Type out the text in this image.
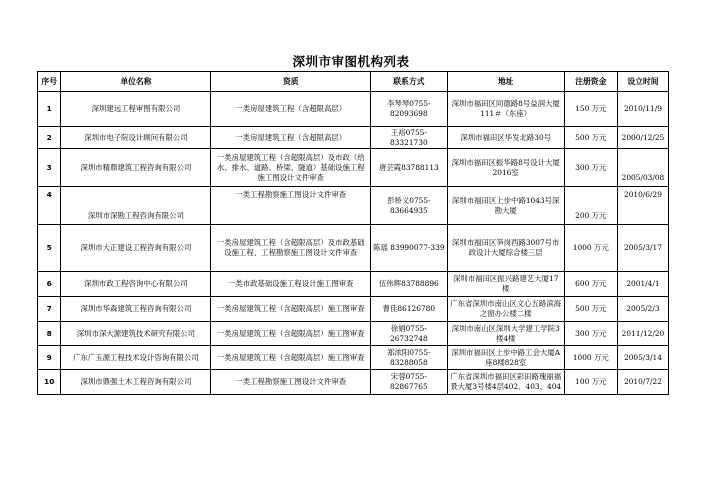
深圳市审图机构列表
序号	单位名称	资质	联系方式	地址	注册资金	设立时间
1	深圳建远工程审图有限公司	一类房屋建筑工程（含超限高层）	李琴琴0755-82093698	深圳市福田区同德路8号益润大厦111＃（东座）	150 万元	2010/11/9
2	深圳市电子院设计顾问有限公司	一类房屋建筑工程（含超限高层）	王裕0755-83321730	深圳市福田区华发北路30号	500 万元	2000/12/25
3	深圳市精鼎建筑工程咨询有限公司	一类房屋建筑工程（含超限高层）及市政（给水、排水、道路、桥梁、隧道）基础设施工程施工图设计文件审查	唐芸霞83788113	深圳市福田区振华路8号设计大厦2016室	300 万元	2005/03/08
4	深圳市深勘工程咨询有限公司	一类工程勘察施工图设计文件审查	彭桥义0755-83664935	深圳市福田区上步中路1043号深勘大厦	200 万元	2010/6/29
5	深圳市大正建设工程咨询有限公司	一类房屋建筑工程（含超限高层）及市政基础设施工程、工程勘察施工图设计文件审查	陈瑶 83990077-339	深圳市福田区笋岗西路3007号市政设计大厦综合楼三层	1000 万元	2005/3/17
6	深圳市政工程咨询中心有限公司	一类市政基础设施工程设计施工图审查	伍伟辉83788896	深圳市福田区振兴路建艺大厦17楼	600 万元	2001/4/1
7	深圳市华森建筑工程咨询有限公司	一类房屋建筑工程（含超限高层）施工图审查	曹佳86126780	广东省深圳市南山区文心五路滨海之窗办公楼二楼	500 万元	2005/2/3
8	深圳市深大源建筑技术研究有限公司	一类房屋建筑工程（含超限高层）施工图审查	徐娟0755-26732748	深圳市南山区深圳大学建工学院3楼4楼	300 万元	2011/12/20
9	广东广玉源工程技术设计咨询有限公司	一类房屋建筑工程（含超限高层）施工图审查	郑浓阳0755-83288058	深圳市福田区上步中路工会大厦A座8楼828室	1000 万元	2005/3/14
10	深圳市鼎强土木工程咨询有限公司	一类工程勘察施工图设计文件审查	宋蓉0755-82867765	广东省深圳市福田区彩田路瑰丽福景大厦3号楼4层402、403、404	100 万元	2010/7/22
